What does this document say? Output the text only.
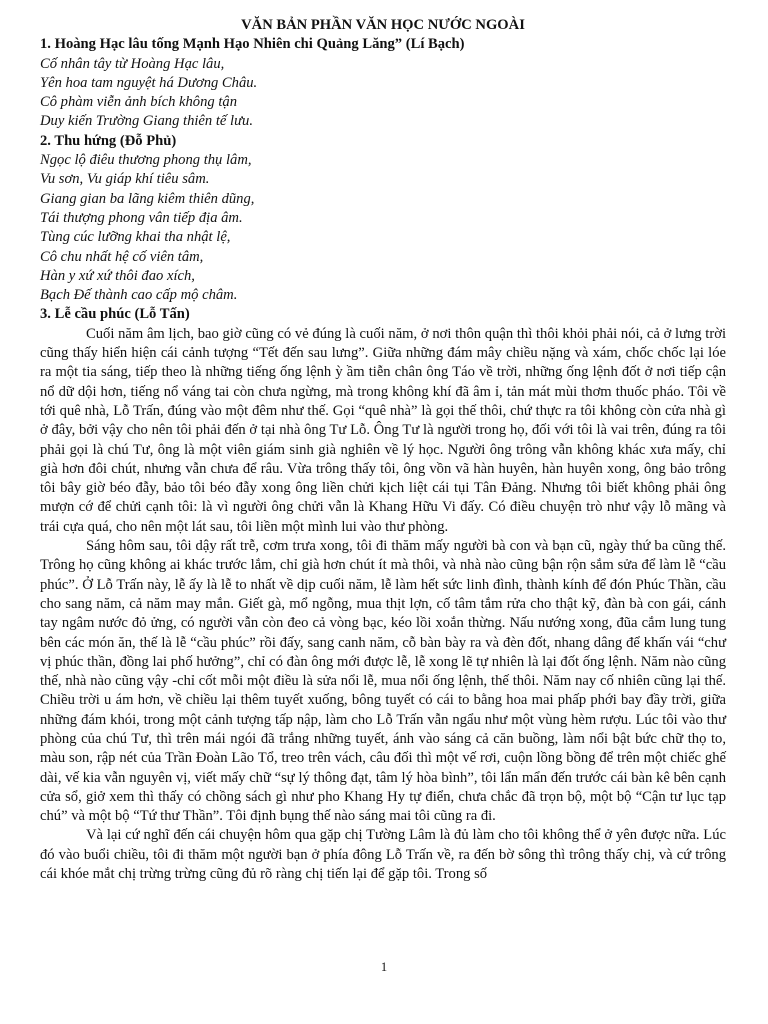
VĂN BẢN PHẦN VĂN HỌC NƯỚC NGOÀI

1. Hoàng Hạc lâu tống Mạnh Hạo Nhiên chi Quảng Lăng” (Lí Bạch)

Cố nhân tây từ Hoàng Hạc lâu,

Yên hoa tam nguyệt há Dương Châu.

Cô phàm viễn ảnh bích không tận

Duy kiến Trường Giang thiên tế lưu.

2. Thu hứng (Đỗ Phủ)

Ngọc lộ điêu thương phong thụ lâm,

Vu sơn, Vu giáp khí tiêu sâm.

Giang gian ba lãng kiêm thiên dũng,

Tái thượng phong vân tiếp địa âm.

Tùng cúc lưỡng khai tha nhật lệ,

Cô chu nhất hệ cố viên tâm,

Hàn y xứ xứ thôi đao xích,

Bạch Đế thành cao cấp mộ châm.

3. Lễ cầu phúc (Lỗ Tấn)

Cuối năm âm lịch, bao giờ cũng có vẻ đúng là cuối năm, ở nơi thôn quận thì thôi khỏi phải nói, cả ở lưng trời cũng thấy hiển hiện cái cảnh tượng “Tết đến sau lưng”. Giữa những đám mây chiều nặng và xám, chốc chốc lại lóe ra một tia sáng, tiếp theo là những tiếng ống lệnh ỳ ầm tiễn chân ông Táo về trời, những ống lệnh đốt ở nơi tiếp cận nổ dữ dội hơn, tiếng nổ váng tai còn chưa ngừng, mà trong không khí đã âm ỉ, tản mát mùi thơm thuốc pháo. Tôi về tới quê nhà, Lỗ Trấn, đúng vào một đêm như thế. Gọi “quê nhà” là gọi thế thôi, chứ thực ra tôi không còn cửa nhà gì ở đây, bởi vậy cho nên tôi phải đến ở tại nhà ông Tư Lỗ. Ông Tư là người trong họ, đối với tôi là vai trên, đúng ra tôi phải gọi là chú Tư, ông là một viên giám sinh già nghiên về lý học. Người ông trông vẫn không khác xưa mấy, chỉ già hơn đôi chút, nhưng vẫn chưa để râu. Vừa trông thấy tôi, ông vồn vã hàn huyên, hàn huyên xong, ông bảo trông tôi bây giờ béo đẫy, bảo tôi béo đẫy xong ông liền chửi kịch liệt cái tụi Tân Đảng. Nhưng tôi biết không phải ông mượn cớ để chửi cạnh tôi: là vì người ông chửi vẫn là Khang Hữu Vi đấy. Có điều chuyện trò như vậy lỗ mãng và trái cựa quá, cho nên một lát sau, tôi liền một mình lui vào thư phòng.

Sáng hôm sau, tôi dậy rất trễ, cơm trưa xong, tôi đi thăm mấy người bà con và bạn cũ, ngày thứ ba cũng thế. Trông họ cũng không ai khác trước lắm, chỉ già hơn chút ít mà thôi, và nhà nào cũng bận rộn sắm sửa để làm lễ “cầu phúc”. Ở Lỗ Trấn này, lễ ấy là lễ to nhất về dịp cuối năm, lễ làm hết sức linh đình, thành kính để đón Phúc Thần, cầu cho sang năm, cả năm may mắn. Giết gà, mổ ngỗng, mua thịt lợn, cố tâm tắm rửa cho thật kỹ, đàn bà con gái, cánh tay ngâm nước đỏ ửng, có người vẫn còn đeo cả vòng bạc, kéo lồi xoắn thừng. Nấu nướng xong, đũa cắm lung tung bên các món ăn, thế là lễ “cầu phúc” rồi đấy, sang canh năm, cỗ bàn bày ra và đèn đốt, nhang dâng để khấn vái “chư vị phúc thần, đồng lai phố hưởng”, chỉ có đàn ông mới được lễ, lễ xong lẽ tự nhiên là lại đốt ống lệnh. Năm nào cũng thế, nhà nào cũng vậy -chỉ cốt mỗi một điều là sửa nổi lễ, mua nổi ống lệnh, thế thôi. Năm nay cố nhiên cũng lại thế. Chiều trời u ám hơn, về chiều lại thêm tuyết xuống, bông tuyết có cái to bằng hoa mai phấp phới bay đầy trời, giữa những đám khói, trong một cảnh tượng tấp nập, làm cho Lỗ Trấn vẫn ngẩu như một vùng hèm rượu. Lúc tôi vào thư phòng của chú Tư, thì trên mái ngói đã trắng những tuyết, ánh vào sáng cả căn buồng, làm nổi bật bức chữ thọ to, màu son, rập nét của Trần Đoàn Lão Tổ, treo trên vách, câu đối thì một vế rơi, cuộn lồng bồng để trên một chiếc ghế dài, vế kia vẫn nguyên vị, viết mấy chữ “sự lý thông đạt, tâm lý hòa bình”, tôi lẩn mẩn đến trước cái bàn kê bên cạnh cửa sổ, giở xem thì thấy có chồng sách gì như pho Khang Hy tự điển, chưa chắc đã trọn bộ, một bộ “Cận tư lục tạp chú” và một bộ “Tứ thư Thần”. Tôi định bụng thế nào sáng mai tôi cũng ra đi.

Và lại cứ nghĩ đến cái chuyện hôm qua gặp chị Tường Lâm là đủ làm cho tôi không thể ở yên được nữa. Lúc đó vào buổi chiều, tôi đi thăm một người bạn ở phía đông Lỗ Trấn về, ra đến bờ sông thì trông thấy chị, và cứ trông cái khóe mắt chị trừng trừng cũng đủ rõ ràng chị tiến lại để gặp tôi. Trong số

1
